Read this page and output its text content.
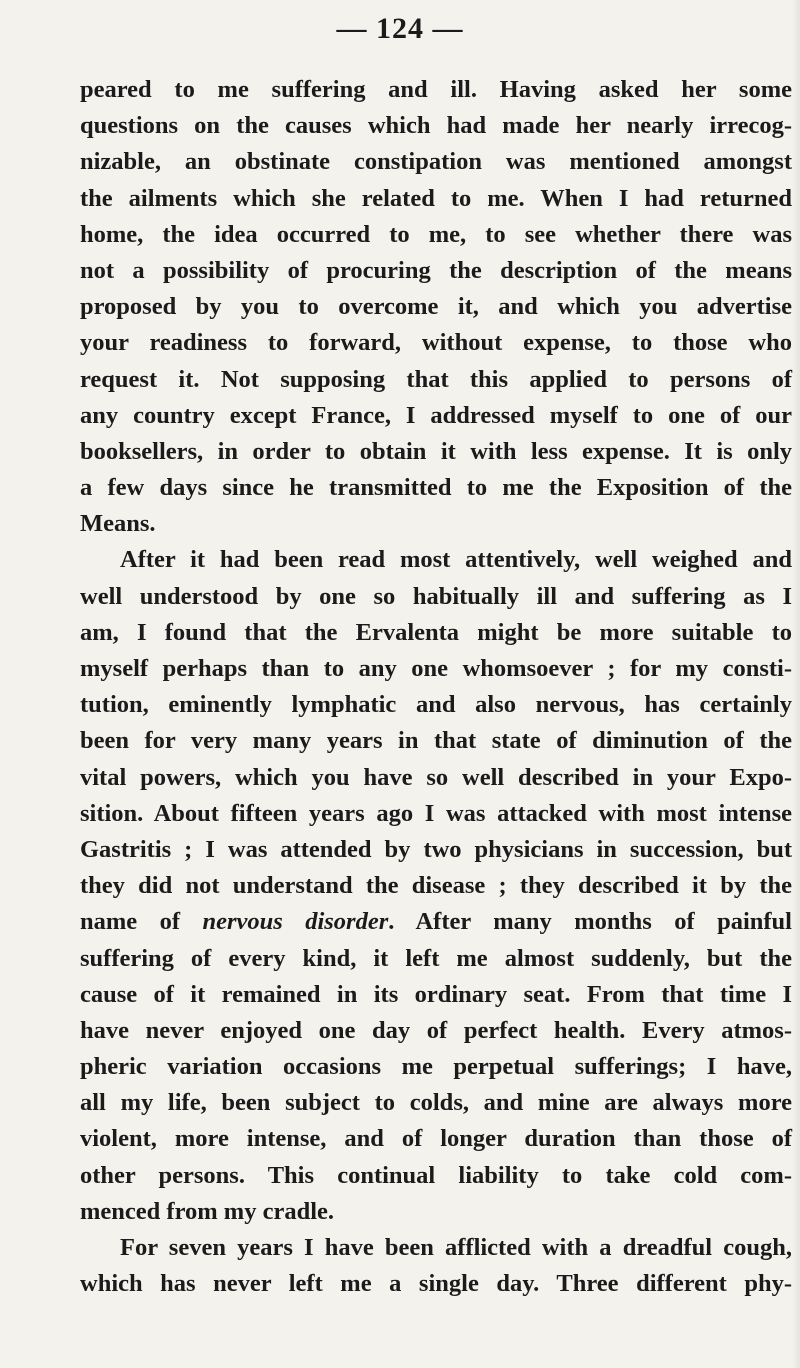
— 124 —
peared to me suffering and ill. Having asked her some
questions on the causes which had made her nearly irrecog-
nizable, an obstinate constipation was mentioned amongst
the ailments which she related to me. When I had returned
home, the idea occurred to me, to see whether there was
not a possibility of procuring the description of the means
proposed by you to overcome it, and which you advertise
your readiness to forward, without expense, to those who
request it. Not supposing that this applied to persons of
any country except France, I addressed myself to one of our
booksellers, in order to obtain it with less expense. It is only
a few days since he transmitted to me the Exposition of the
Means.
After it had been read most attentively, well weighed and
well understood by one so habitually ill and suffering as I
am, I found that the Ervalenta might be more suitable to
myself perhaps than to any one whomsoever ; for my consti-
tution, eminently lymphatic and also nervous, has certainly
been for very many years in that state of diminution of the
vital powers, which you have so well described in your Expo-
sition. About fifteen years ago I was attacked with most intense
Gastritis ; I was attended by two physicians in succession, but
they did not understand the disease ; they described it by the
name of nervous disorder. After many months of painful
suffering of every kind, it left me almost suddenly, but the
cause of it remained in its ordinary seat. From that time I
have never enjoyed one day of perfect health. Every atmos-
pheric variation occasions me perpetual sufferings; I have,
all my life, been subject to colds, and mine are always more
violent, more intense, and of longer duration than those of
other persons. This continual liability to take cold com-
menced from my cradle.
For seven years I have been afflicted with a dreadful cough,
which has never left me a single day. Three different phy-
